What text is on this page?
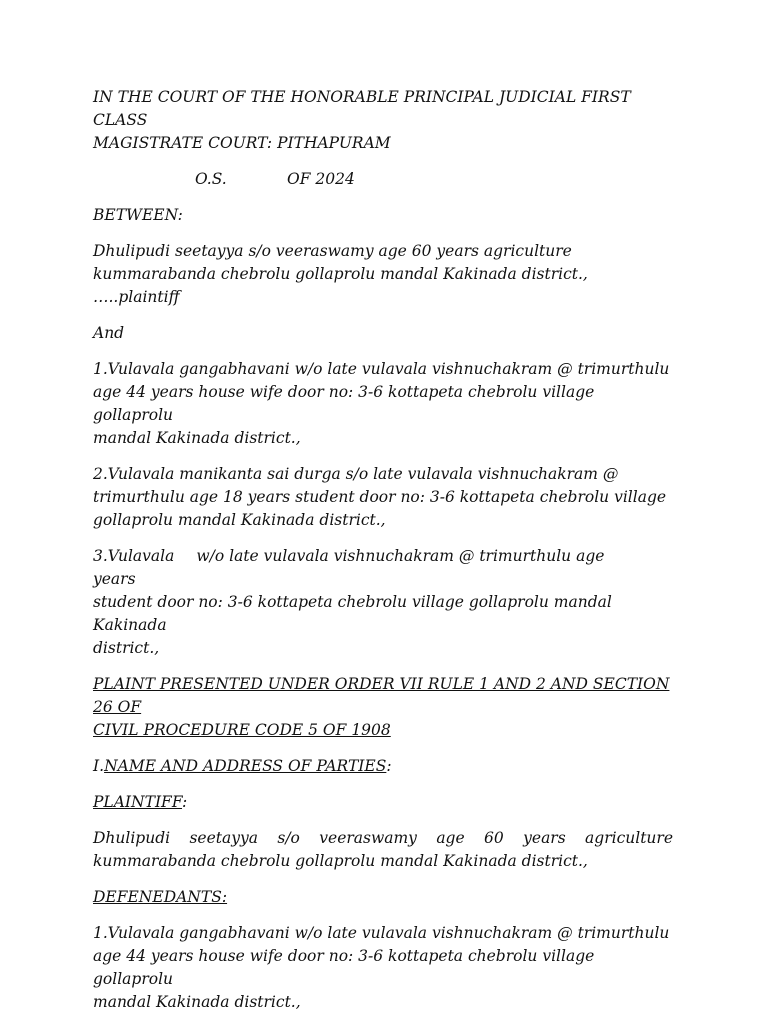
IN THE COURT OF THE HONORABLE PRINCIPAL JUDICIAL FIRST CLASS
MAGISTRATE COURT: PITHAPURAM

O.S.	OF 2024

BETWEEN:

Dhulipudi seetayya s/o veeraswamy age 60 years agriculture
kummarabanda chebrolu gollaprolu mandal Kakinada district.,
…..plaintiff

And

1.Vulavala gangabhavani w/o late vulavala vishnuchakram @ trimurthulu
age 44 years house wife door no: 3-6 kottapeta chebrolu village gollaprolu
mandal Kakinada district.,

2.Vulavala manikanta sai durga s/o late vulavala vishnuchakram @
trimurthulu age 18 years student door no: 3-6 kottapeta chebrolu village
gollaprolu mandal Kakinada district.,

3.Vulavala w/o late vulavala vishnuchakram @ trimurthulu ageyears
student door no: 3-6 kottapeta chebrolu village gollaprolu mandal Kakinada
district.,

PLAINT PRESENTED UNDER ORDER VII RULE 1 AND 2 AND SECTION 26 OF
CIVIL PROCEDURE CODE 5 OF 1908

I.NAME AND ADDRESS OF PARTIES:

PLAINTIFF:

Dhulipudi seetayya s/o veeraswamy age 60 years agriculture kummarabanda chebrolu gollaprolu mandal Kakinada district.,

DEFENEDANTS:

1.Vulavala gangabhavani w/o late vulavala vishnuchakram @ trimurthulu
age 44 years house wife door no: 3-6 kottapeta chebrolu village gollaprolu
mandal Kakinada district.,
